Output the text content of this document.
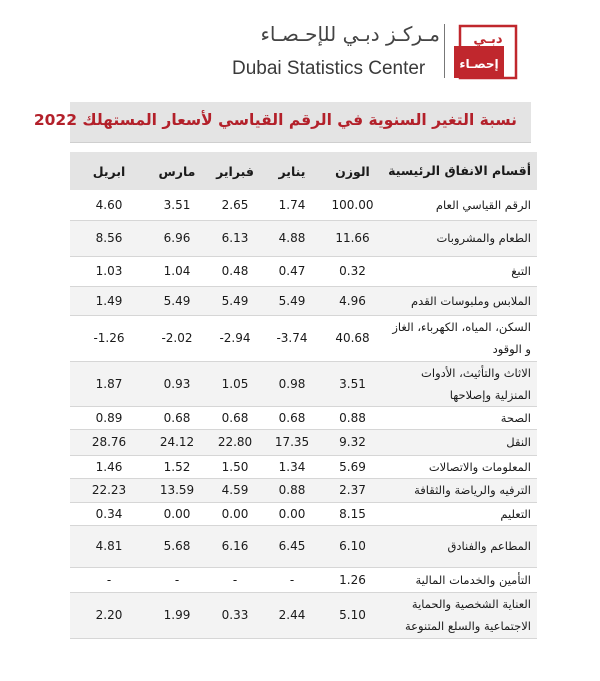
مـركـز دبـي للإحـصـاء
Dubai Statistics Center
دبـي
إحصـاء
نسبة التغير السنوية في الرقم القياسي لأسعار المستهلك 2022
ابريل	مارس	فبراير	يناير	الوزن	أقسام الانفاق الرئيسية
4.60	3.51	2.65	1.74	100.00	الرقم القياسي العام
8.56	6.96	6.13	4.88	11.66	الطعام والمشروبات
1.03	1.04	0.48	0.47	0.32	التبغ
1.49	5.49	5.49	5.49	4.96	الملابس وملبوسات القدم
-1.26	-2.02	-2.94	-3.74	40.68	السكن، المياه، الكهرباء، الغاز و الوقود
1.87	0.93	1.05	0.98	3.51	الاثاث والتأثيث، الأدوات المنزلية وإصلاحها
0.89	0.68	0.68	0.68	0.88	الصحة
28.76	24.12	22.80	17.35	9.32	النقل
1.46	1.52	1.50	1.34	5.69	المعلومات والاتصالات
22.23	13.59	4.59	0.88	2.37	الترفيه والرياضة والثقافة
0.34	0.00	0.00	0.00	8.15	التعليم
4.81	5.68	6.16	6.45	6.10	المطاعم والفنادق
-	-	-	-	1.26	التأمين والخدمات المالية
2.20	1.99	0.33	2.44	5.10	العناية الشخصية والحماية الاجتماعية والسلع المتنوعة
